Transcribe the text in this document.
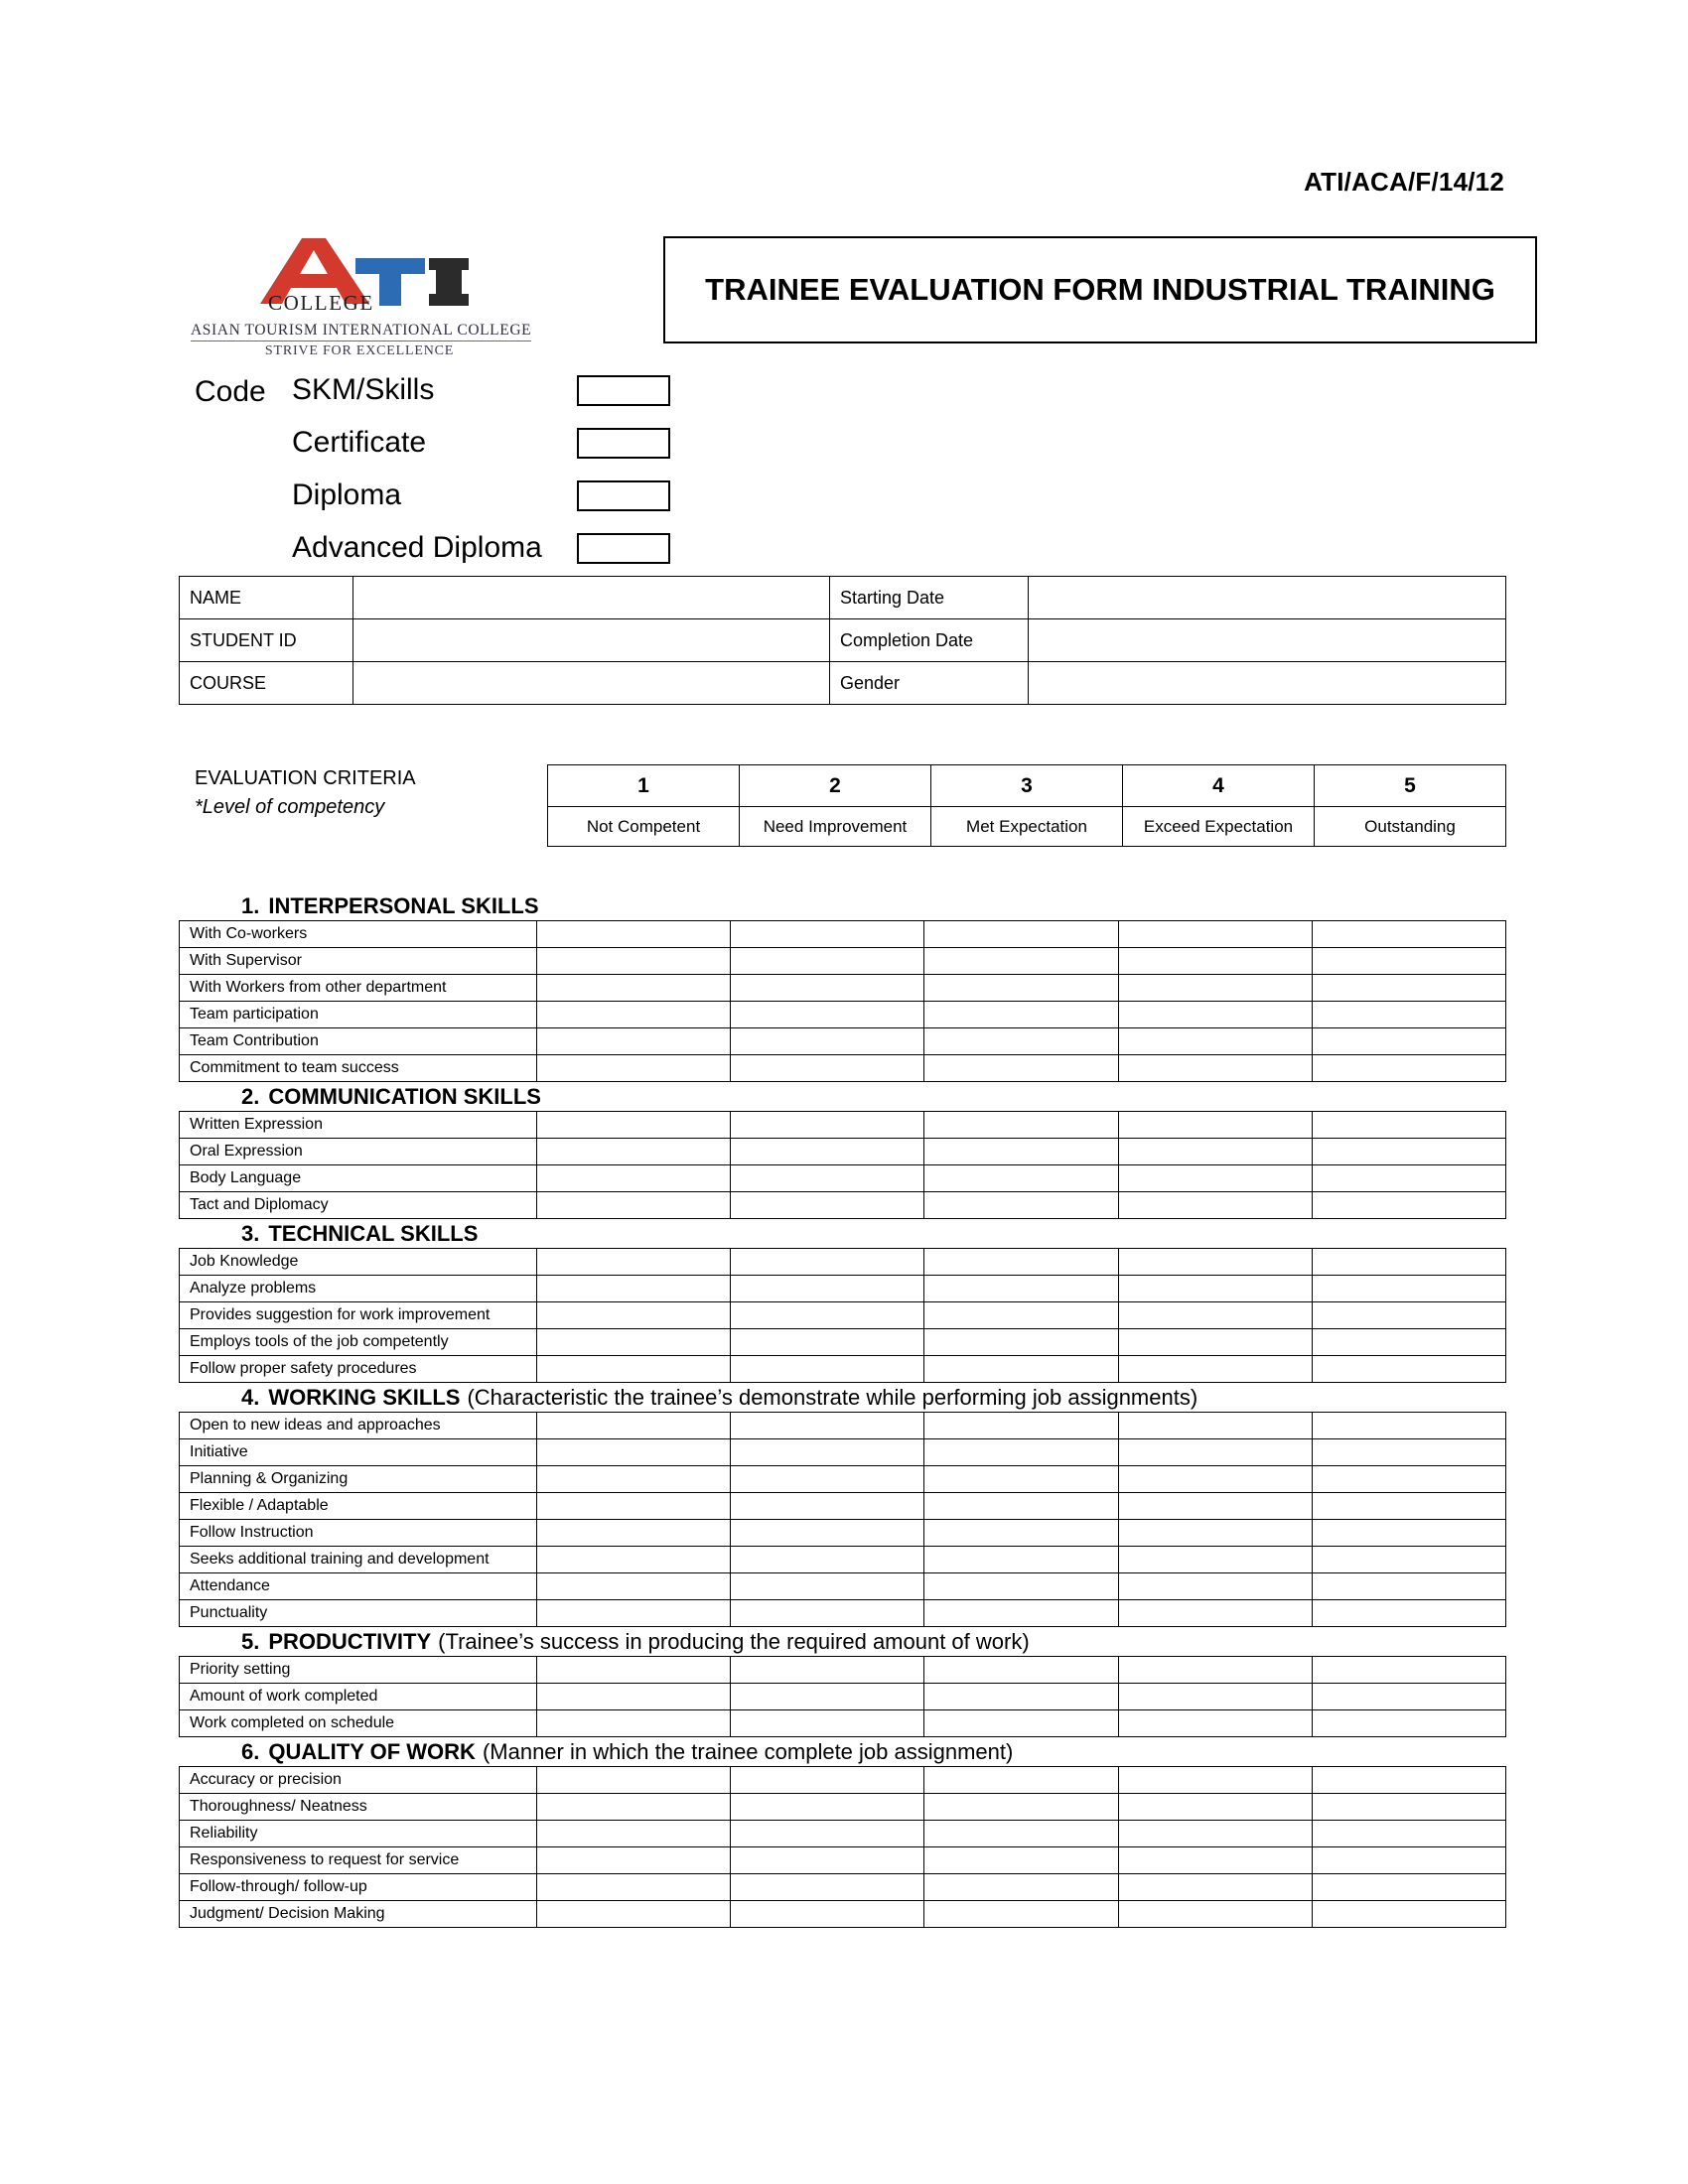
ATI/ACA/F/14/12
COLLEGE
ASIAN TOURISM INTERNATIONAL COLLEGE
STRIVE FOR EXCELLENCE
TRAINEE EVALUATION FORM INDUSTRIAL TRAINING
Code SKM/Skills
Certificate
Diploma
Advanced Diploma
NAME		Starting Date	
STUDENT ID		Completion Date	
COURSE		Gender	
EVALUATION CRITERIA
*Level of competency
1	2	3	4	5
Not Competent	Need Improvement	Met Expectation	Exceed Expectation	Outstanding
1. INTERPERSONAL SKILLS
With Co-workers					
With Supervisor					
With Workers from other department					
Team participation					
Team Contribution					
Commitment to team success					
2. COMMUNICATION SKILLS
Written Expression					
Oral Expression					
Body Language					
Tact and Diplomacy					
3. TECHNICAL SKILLS
Job Knowledge					
Analyze problems					
Provides suggestion for work improvement					
Employs tools of the job competently					
Follow proper safety procedures					
4. WORKING SKILLS (Characteristic the trainee’s demonstrate while performing job assignments)
Open to new ideas and approaches					
Initiative					
Planning & Organizing					
Flexible / Adaptable					
Follow Instruction					
Seeks additional training and development					
Attendance					
Punctuality					
5. PRODUCTIVITY (Trainee’s success in producing the required amount of work)
Priority setting					
Amount of work completed					
Work completed on schedule					
6. QUALITY OF WORK (Manner in which the trainee complete job assignment)
Accuracy or precision					
Thoroughness/ Neatness					
Reliability					
Responsiveness to request for service					
Follow-through/ follow-up					
Judgment/ Decision Making					
